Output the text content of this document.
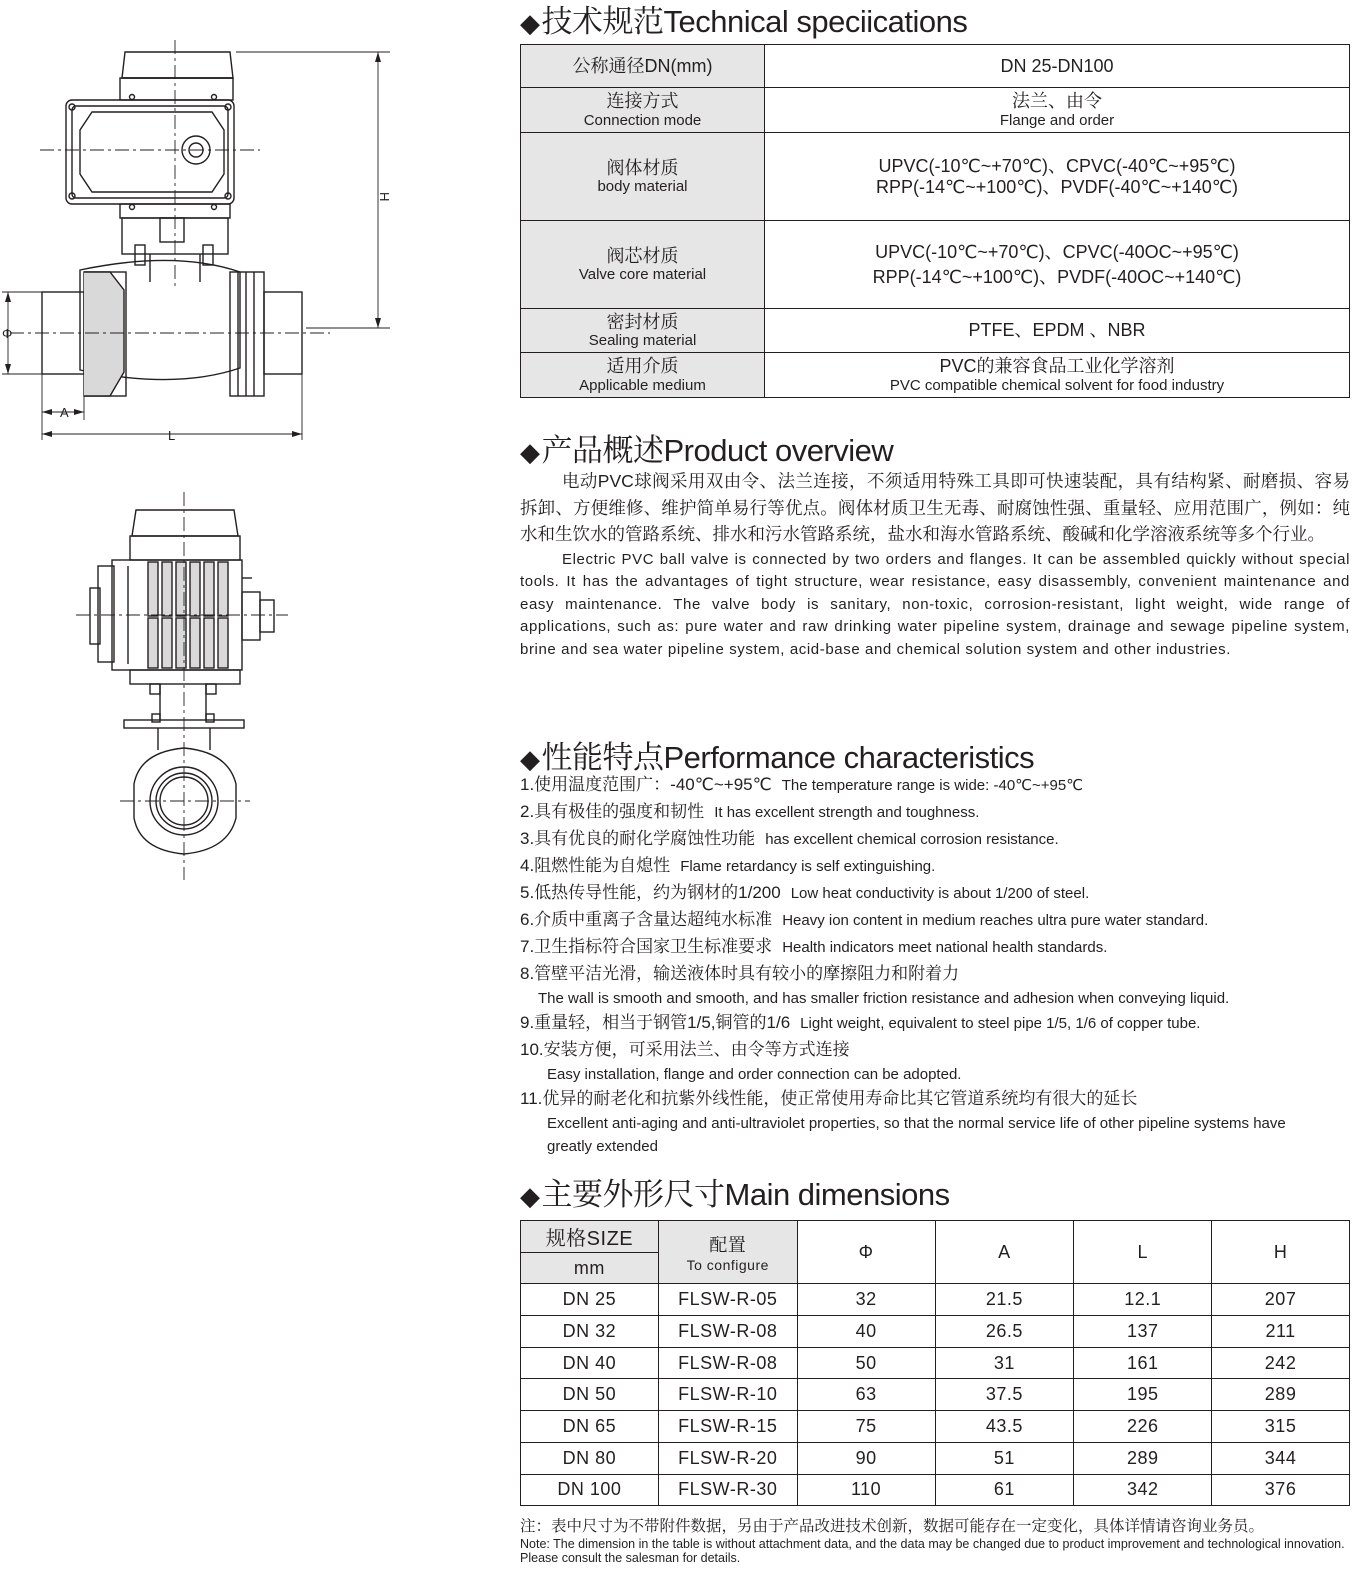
H
Φ
A
L
◆技术规范Technical speciications
公称通径DN(mm)	DN 25-DN100

连接方式
Connection mode	法兰、由令
Flange and order

阀体材质
body material	UPVC(-10℃~+70℃)、CPVC(-40℃~+95℃)
RPP(-14℃~+100℃)、PVDF(-40℃~+140℃)

阀芯材质
Valve core material	UPVC(-10℃~+70℃)、CPVC(-40OC~+95℃)
RPP(-14℃~+100℃)、PVDF(-40OC~+140℃)

密封材质
Sealing material	PTFE、EPDM 、NBR

适用介质
Applicable medium	PVC的兼容食品工业化学溶剂
PVC compatible chemical solvent for food industry
◆产品概述Product overview

电动PVC球阀采用双由令、法兰连接，不须适用特殊工具即可快速装配，具有结构紧、耐磨损、容易拆卸、方便维修、维护简单易行等优点。阀体材质卫生无毒、耐腐蚀性强、重量轻、应用范围广，例如：纯水和生饮水的管路系统、排水和污水管路系统，盐水和海水管路系统、酸碱和化学溶液系统等多个行业。

Electric PVC ball valve is connected by two orders and flanges. It can be assembled quickly without special tools. It has the advantages of tight structure, wear resistance, easy disassembly, convenient maintenance and easy maintenance. The valve body is sanitary, non-toxic, corrosion-resistant, light weight, wide range of applications, such as: pure water and raw drinking water pipeline system, drainage and sewage pipeline system, brine and sea water pipeline system, acid-base and chemical solution system and other industries.

◆性能特点Performance characteristics
1.使用温度范围广：-40℃~+95℃ The temperature range is wide: -40℃~+95℃
2.具有极佳的强度和韧性 It has excellent strength and toughness.
3.具有优良的耐化学腐蚀性功能 has excellent chemical corrosion resistance.
4.阻燃性能为自熄性 Flame retardancy is self extinguishing.
5.低热传导性能，约为钢材的1/200 Low heat conductivity is about 1/200 of steel.
6.介质中重离子含量达超纯水标准 Heavy ion content in medium reaches ultra pure water standard.
7.卫生指标符合国家卫生标准要求 Health indicators meet national health standards.
8.管壁平洁光滑，输送液体时具有较小的摩擦阻力和附着力
The wall is smooth and smooth, and has smaller friction resistance and adhesion when conveying liquid.
9.重量轻，相当于钢管1/5,铜管的1/6 Light weight, equivalent to steel pipe 1/5, 1/6 of copper tube.
10.安装方便，可采用法兰、由令等方式连接
Easy installation, flange and order connection can be adopted.
11.优异的耐老化和抗紫外线性能，使正常使用寿命比其它管道系统均有很大的延长
Excellent anti-aging and anti-ultraviolet properties, so that the normal service life of other pipeline systems have greatly extended
◆主要外形尺寸Main dimensions
规格SIZE	配置
To configure	Φ	A	L	H
mm					
DN 25	FLSW-R-05	32	21.5	12.1	207
DN 32	FLSW-R-08	40	26.5	137	211
DN 40	FLSW-R-08	50	31	161	242
DN 50	FLSW-R-10	63	37.5	195	289
DN 65	FLSW-R-15	75	43.5	226	315
DN 80	FLSW-R-20	90	51	289	344
DN 100	FLSW-R-30	110	61	342	376
注：表中尺寸为不带附件数据，另由于产品改进技术创新，数据可能存在一定变化，具体详情请咨询业务员。
Note: The dimension in the table is without attachment data, and the data may be changed due to product improvement and technological innovation. Please consult the salesman for details.
